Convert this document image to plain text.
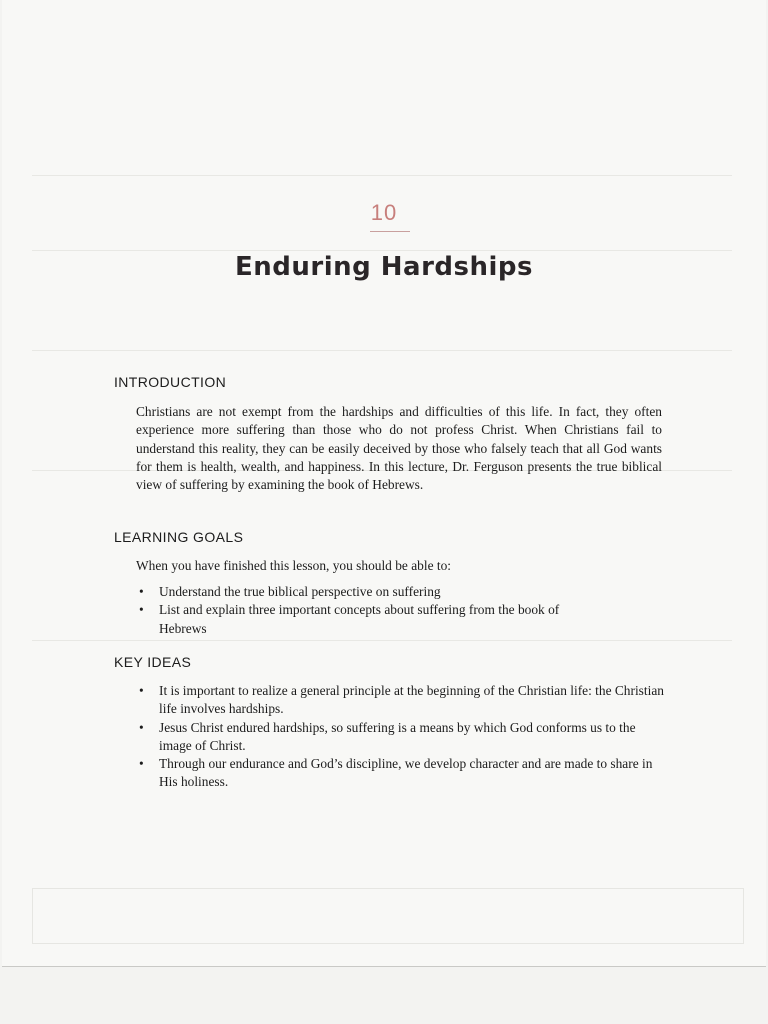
10
Enduring Hardships
INTRODUCTION

Christians are not exempt from the hardships and difficulties of this life. In fact, they often experience more suffering than those who do not profess Christ. When Christians fail to understand this reality, they can be easily deceived by those who falsely teach that all God wants for them is health, wealth, and happiness. In this lecture, Dr. Ferguson presents the true biblical view of suffering by examining the book of Hebrews.

LEARNING GOALS

When you have finished this lesson, you should be able to:

• Understand the true biblical perspective on suffering
• List and explain three important concepts about suffering from the book of Hebrews
KEY IDEAS
• It is important to realize a general principle at the beginning of the Christian life: the Christian life involves hardships.
• Jesus Christ endured hardships, so suffering is a means by which God conforms us to the image of Christ.
• Through our endurance and God’s discipline, we develop character and are made to share in His holiness.
